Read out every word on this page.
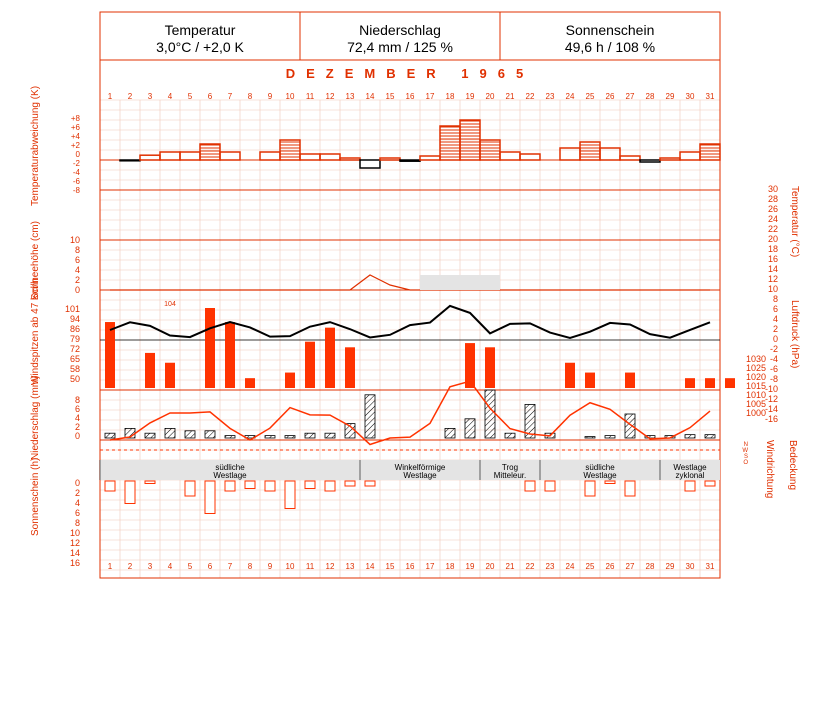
Temperatur
3,0°C / +2,0 K
Niederschlag
72,4 mm / 125 %
Sonnenschein
49,6 h / 108 %
DEZEMBER 1965
Temperaturabweichung (K)
Schneehöhe (cm)
Windspitzen ab 47 km/h
Niederschlag (mm)
Sonnenschein (h)
Temperatur (°C)
Luftdruck (hPa)
Windrichtung Bedeckung
1
1
2
2
3
3
4
4
5
5
6
6
7
7
8
8
9
9
10
10
11
11
12
12
13
13
14
14
15
15
16
16
17
17
18
18
19
19
20
20
21
21
22
22
23
23
24
24
25
25
26
26
27
27
28
28
29
29
30
30
31
31
+8
+6
+4
+2
0
-2
-4
-6
-8	30
28
26
24
22
20
18
16
14
12
10
8
6
4
2
0
-2
-4
-6
-8
-10
-12
-14
-16
10
8
6
4
2
0
101
94
86
79
72
65
58
50
1030
1025
1020
1015
1010
1005
1000
104
8
6
4
2
0
N
W
S
O
südliche
Westlage
Winkelförmige
Westlage
Trog
Mitteleur.
südliche
Westlage
Westlage
zyklonal
0
2
4
6
8
10
12
14
16
